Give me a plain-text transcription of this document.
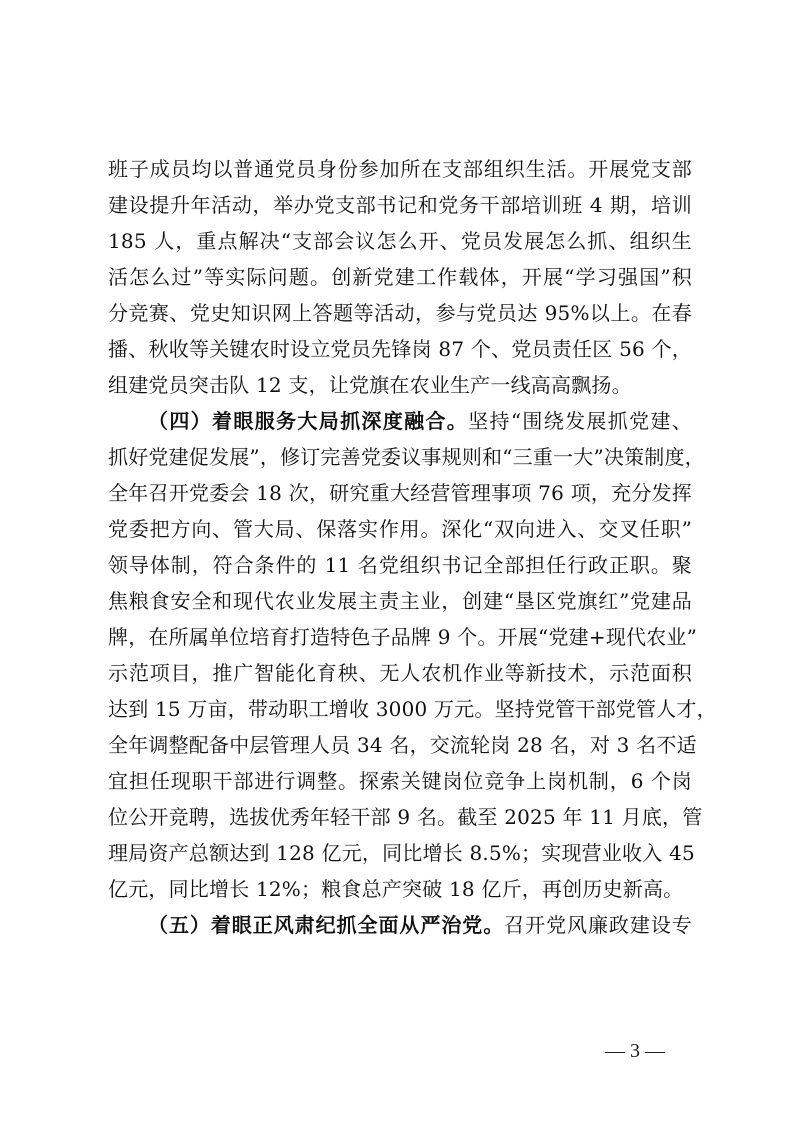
班子成员均以普通党员身份参加所在支部组织生活。开展党支部
建设提升年活动，举办党支部书记和党务干部培训班 4 期，培训
185 人，重点解决“支部会议怎么开、党员发展怎么抓、组织生
活怎么过”等实际问题。创新党建工作载体，开展“学习强国”积
分竞赛、党史知识网上答题等活动，参与党员达 95%以上。在春
播、秋收等关键农时设立党员先锋岗 87 个、党员责任区 56 个，
组建党员突击队 12 支，让党旗在农业生产一线高高飘扬。
（四）着眼服务大局抓深度融合。坚持“围绕发展抓党建、
抓好党建促发展”，修订完善党委议事规则和“三重一大”决策制度，
全年召开党委会 18 次，研究重大经营管理事项 76 项，充分发挥
党委把方向、管大局、保落实作用。深化“双向进入、交叉任职”
领导体制，符合条件的 11 名党组织书记全部担任行政正职。聚
焦粮食安全和现代农业发展主责主业，创建“垦区党旗红”党建品
牌，在所属单位培育打造特色子品牌 9 个。开展“党建+现代农业”
示范项目，推广智能化育秧、无人农机作业等新技术，示范面积
达到 15 万亩，带动职工增收 3000 万元。坚持党管干部党管人才，
全年调整配备中层管理人员 34 名，交流轮岗 28 名，对 3 名不适
宜担任现职干部进行调整。探索关键岗位竞争上岗机制，6 个岗
位公开竞聘，选拔优秀年轻干部 9 名。截至 2025 年 11 月底，管
理局资产总额达到 128 亿元，同比增长 8.5%；实现营业收入 45
亿元，同比增长 12%；粮食总产突破 18 亿斤，再创历史新高。
（五）着眼正风肃纪抓全面从严治党。召开党风廉政建设专
— 3 —
